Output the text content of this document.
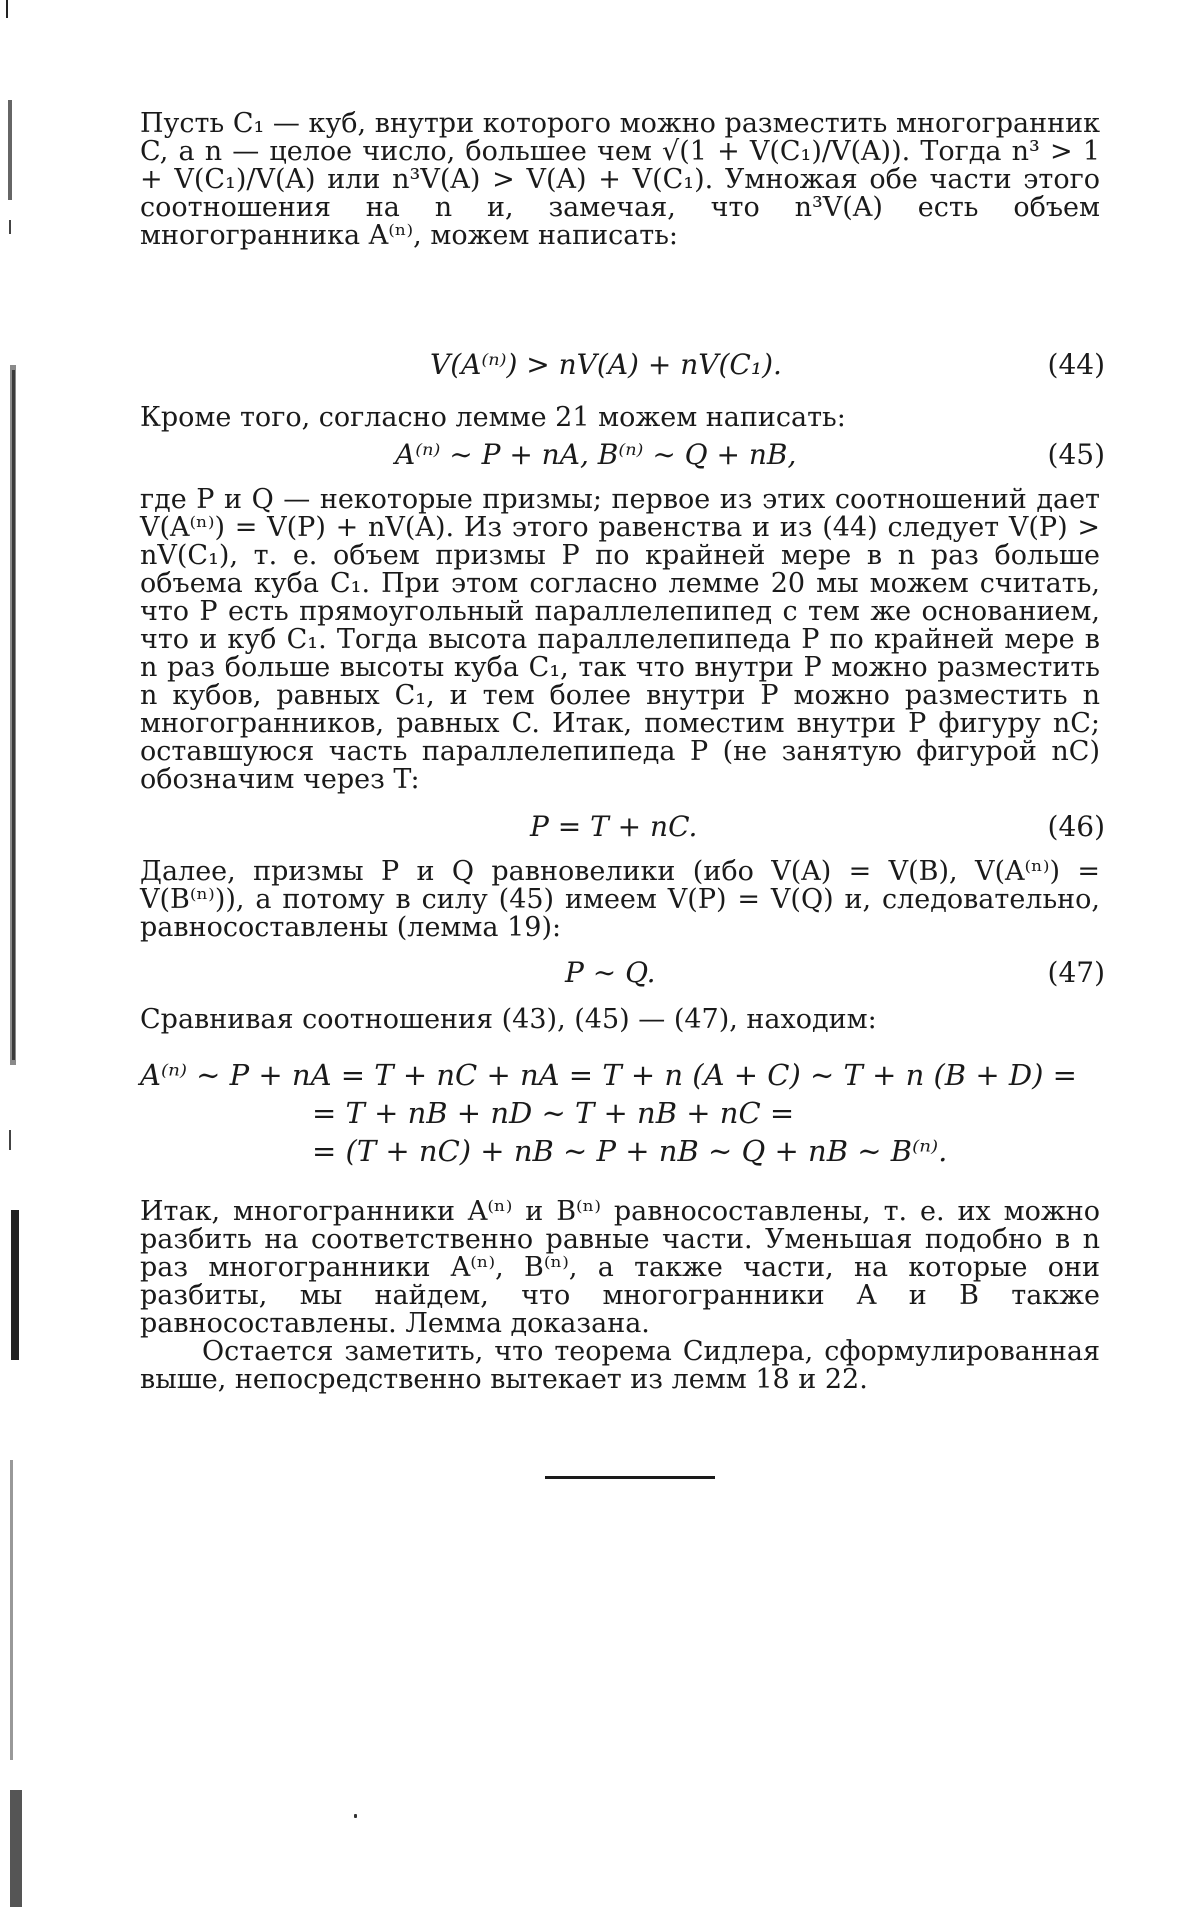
Пусть C₁ — куб, внутри которого можно разместить многогранник C, а n — целое число, большее чем √(1 + V(C₁)/V(A)). Тогда n³ > 1 + V(C₁)/V(A) или n³V(A) > V(A) + V(C₁). Умножая обе части этого соотношения на n и, замечая, что n³V(A) есть объем многогранника A⁽ⁿ⁾, можем написать:

V(A⁽ⁿ⁾) > nV(A) + nV(C₁).	(44)

Кроме того, согласно лемме 21 можем написать:

A⁽ⁿ⁾ ∼ P + nA, B⁽ⁿ⁾ ∼ Q + nB,	(45)

где P и Q — некоторые призмы; первое из этих соотношений дает V(A⁽ⁿ⁾) = V(P) + nV(A). Из этого равенства и из (44) следует V(P) > nV(C₁), т. е. объем призмы P по крайней мере в n раз больше объема куба C₁. При этом согласно лемме 20 мы можем считать, что P есть прямоугольный параллелепипед с тем же основанием, что и куб C₁. Тогда высота параллелепипеда P по крайней мере в n раз больше высоты куба C₁, так что внутри P можно разместить n кубов, равных C₁, и тем более внутри P можно разместить n многогранников, равных C. Итак, поместим внутри P фигуру nC; оставшуюся часть параллелепипеда P (не занятую фигурой nC) обозначим через T:

P = T + nC.	(46)

Далее, призмы P и Q равновелики (ибо V(A) = V(B), V(A⁽ⁿ⁾) = V(B⁽ⁿ⁾)), а потому в силу (45) имеем V(P) = V(Q) и, следовательно, равносоставлены (лемма 19):

P ∼ Q.	(47)

Сравнивая соотношения (43), (45) — (47), находим:

A⁽ⁿ⁾ ∼ P + nA = T + nC + nA = T + n (A + C) ∼ T + n (B + D) =
= T + nB + nD ∼ T + nB + nC =
= (T + nC) + nB ∼ P + nB ∼ Q + nB ∼ B⁽ⁿ⁾.

Итак, многогранники A⁽ⁿ⁾ и B⁽ⁿ⁾ равносоставлены, т. е. их можно разбить на соответственно равные части. Уменьшая подобно в n раз многогранники A⁽ⁿ⁾, B⁽ⁿ⁾, а также части, на которые они разбиты, мы найдем, что многогранники A и B также равносоставлены. Лемма доказана.

Остается заметить, что теорема Сидлера, сформулированная выше, непосредственно вытекает из лемм 18 и 22.
